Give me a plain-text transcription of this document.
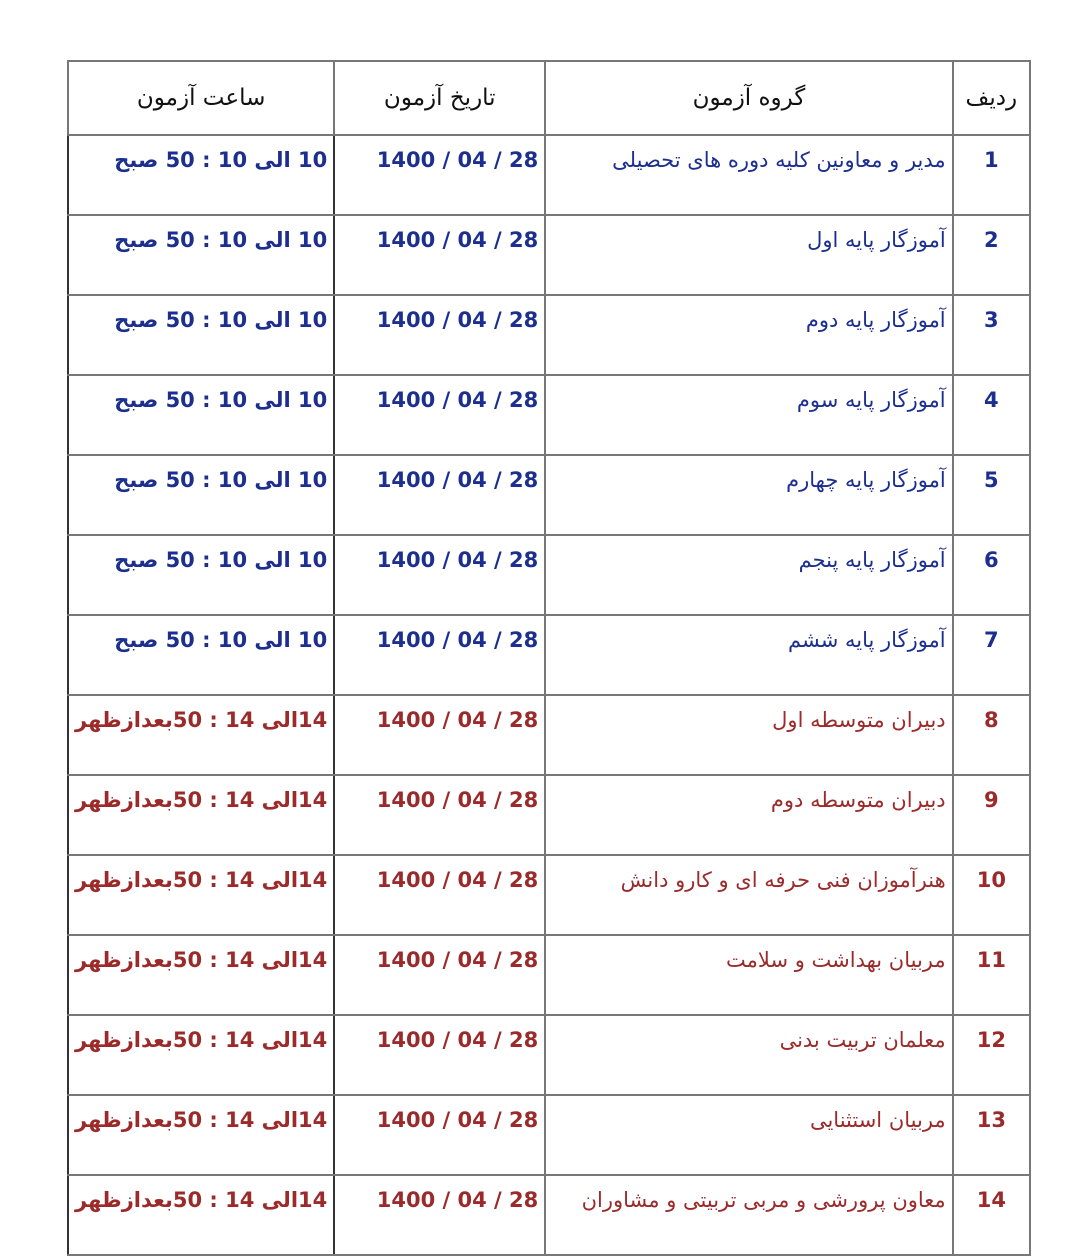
ردیف	گروه آزمون	تاریخ آزمون	ساعت آزمون
1	مدیر و معاونین کلیه دوره های تحصیلی	28 / 04 / 1400	10 الی 10 : 50 صبح
2	آموزگار پایه اول	28 / 04 / 1400	10 الی 10 : 50 صبح
3	آموزگار پایه دوم	28 / 04 / 1400	10 الی 10 : 50 صبح
4	آموزگار پایه سوم	28 / 04 / 1400	10 الی 10 : 50 صبح
5	آموزگار پایه چهارم	28 / 04 / 1400	10 الی 10 : 50 صبح
6	آموزگار پایه پنجم	28 / 04 / 1400	10 الی 10 : 50 صبح
7	آموزگار پایه ششم	28 / 04 / 1400	10 الی 10 : 50 صبح
8	دبیران متوسطه اول	28 / 04 / 1400	14الی 14 : 50بعدازظهر
9	دبیران متوسطه دوم	28 / 04 / 1400	14الی 14 : 50بعدازظهر
10	هنرآموزان فنی حرفه ای و کارو دانش	28 / 04 / 1400	14الی 14 : 50بعدازظهر
11	مربیان بهداشت و سلامت	28 / 04 / 1400	14الی 14 : 50بعدازظهر
12	معلمان تربیت بدنی	28 / 04 / 1400	14الی 14 : 50بعدازظهر
13	مربیان استثنایی	28 / 04 / 1400	14الی 14 : 50بعدازظهر
14	معاون پرورشی و مربی تربیتی و مشاوران	28 / 04 / 1400	14الی 14 : 50بعدازظهر
